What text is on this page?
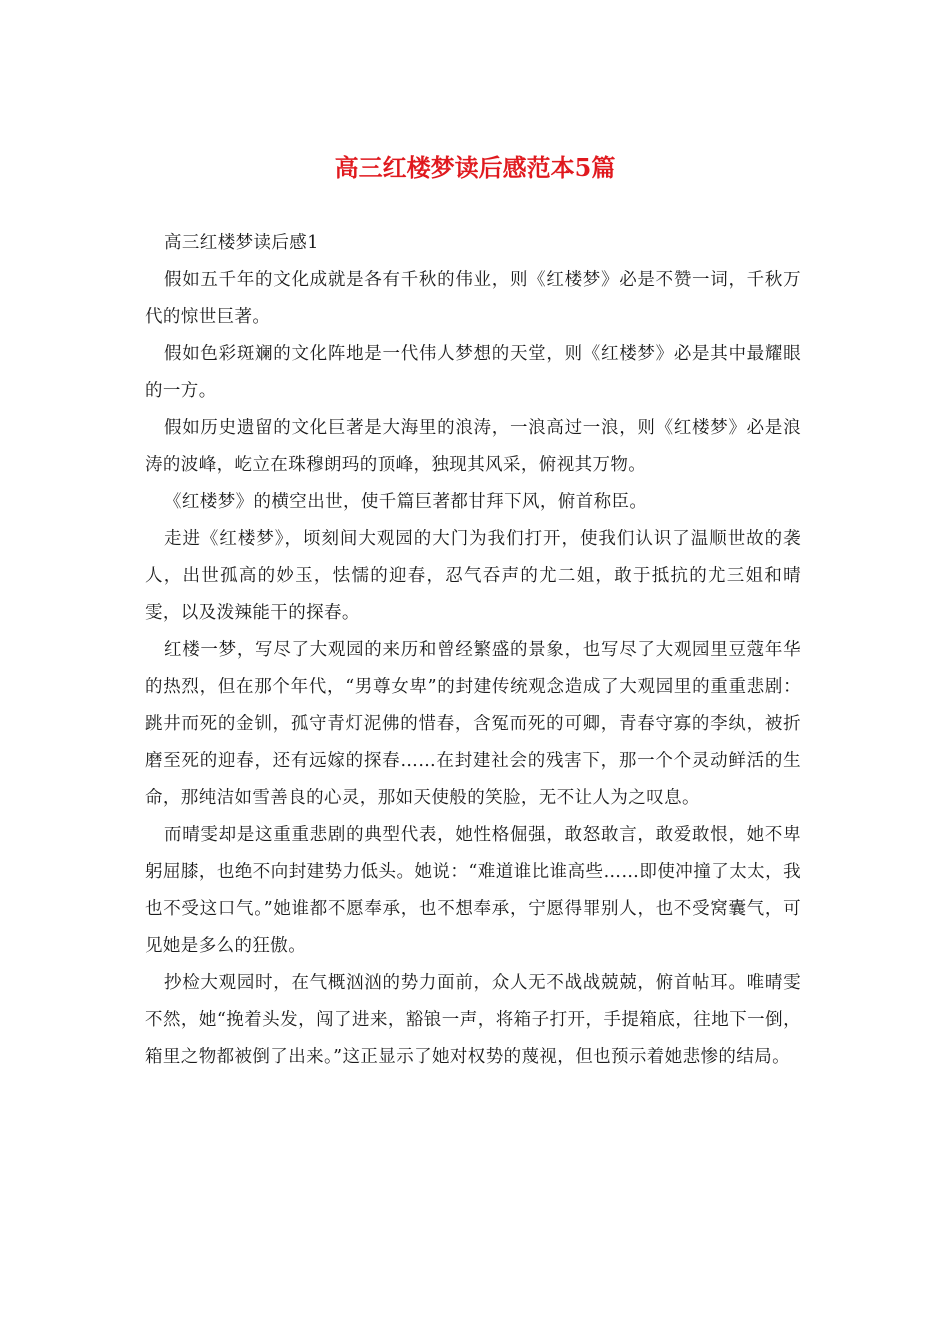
高三红楼梦读后感范本5篇

高三红楼梦读后感1

假如五千年的文化成就是各有千秋的伟业，则《红楼梦》必是不赞一词，千秋万代的惊世巨著。

假如色彩斑斓的文化阵地是一代伟人梦想的天堂，则《红楼梦》必是其中最耀眼的一方。

假如历史遗留的文化巨著是大海里的浪涛，一浪高过一浪，则《红楼梦》必是浪涛的波峰，屹立在珠穆朗玛的顶峰，独现其风采，俯视其万物。

《红楼梦》的横空出世，使千篇巨著都甘拜下风，俯首称臣。

走进《红楼梦》，顷刻间大观园的大门为我们打开，使我们认识了温顺世故的袭人，出世孤高的妙玉，怯懦的迎春，忍气吞声的尤二姐，敢于抵抗的尤三姐和晴雯，以及泼辣能干的探春。

红楼一梦，写尽了大观园的来历和曾经繁盛的景象，也写尽了大观园里豆蔻年华的热烈，但在那个年代，“男尊女卑”的封建传统观念造成了大观园里的重重悲剧：跳井而死的金钏，孤守青灯泥佛的惜春，含冤而死的可卿，青春守寡的李纨，被折磨至死的迎春，还有远嫁的探春……在封建社会的残害下，那一个个灵动鲜活的生命，那纯洁如雪善良的心灵，那如天使般的笑脸，无不让人为之叹息。

而晴雯却是这重重悲剧的典型代表，她性格倔强，敢怒敢言，敢爱敢恨，她不卑躬屈膝，也绝不向封建势力低头。她说：“难道谁比谁高些……即使冲撞了太太，我也不受这口气。”她谁都不愿奉承，也不想奉承，宁愿得罪别人，也不受窝囊气，可见她是多么的狂傲。

抄检大观园时，在气概汹汹的势力面前，众人无不战战兢兢，俯首帖耳。唯晴雯不然，她“挽着头发，闯了进来，豁锒一声，将箱子打开，手提箱底，往地下一倒，箱里之物都被倒了出来。”这正显示了她对权势的蔑视，但也预示着她悲惨的结局。
